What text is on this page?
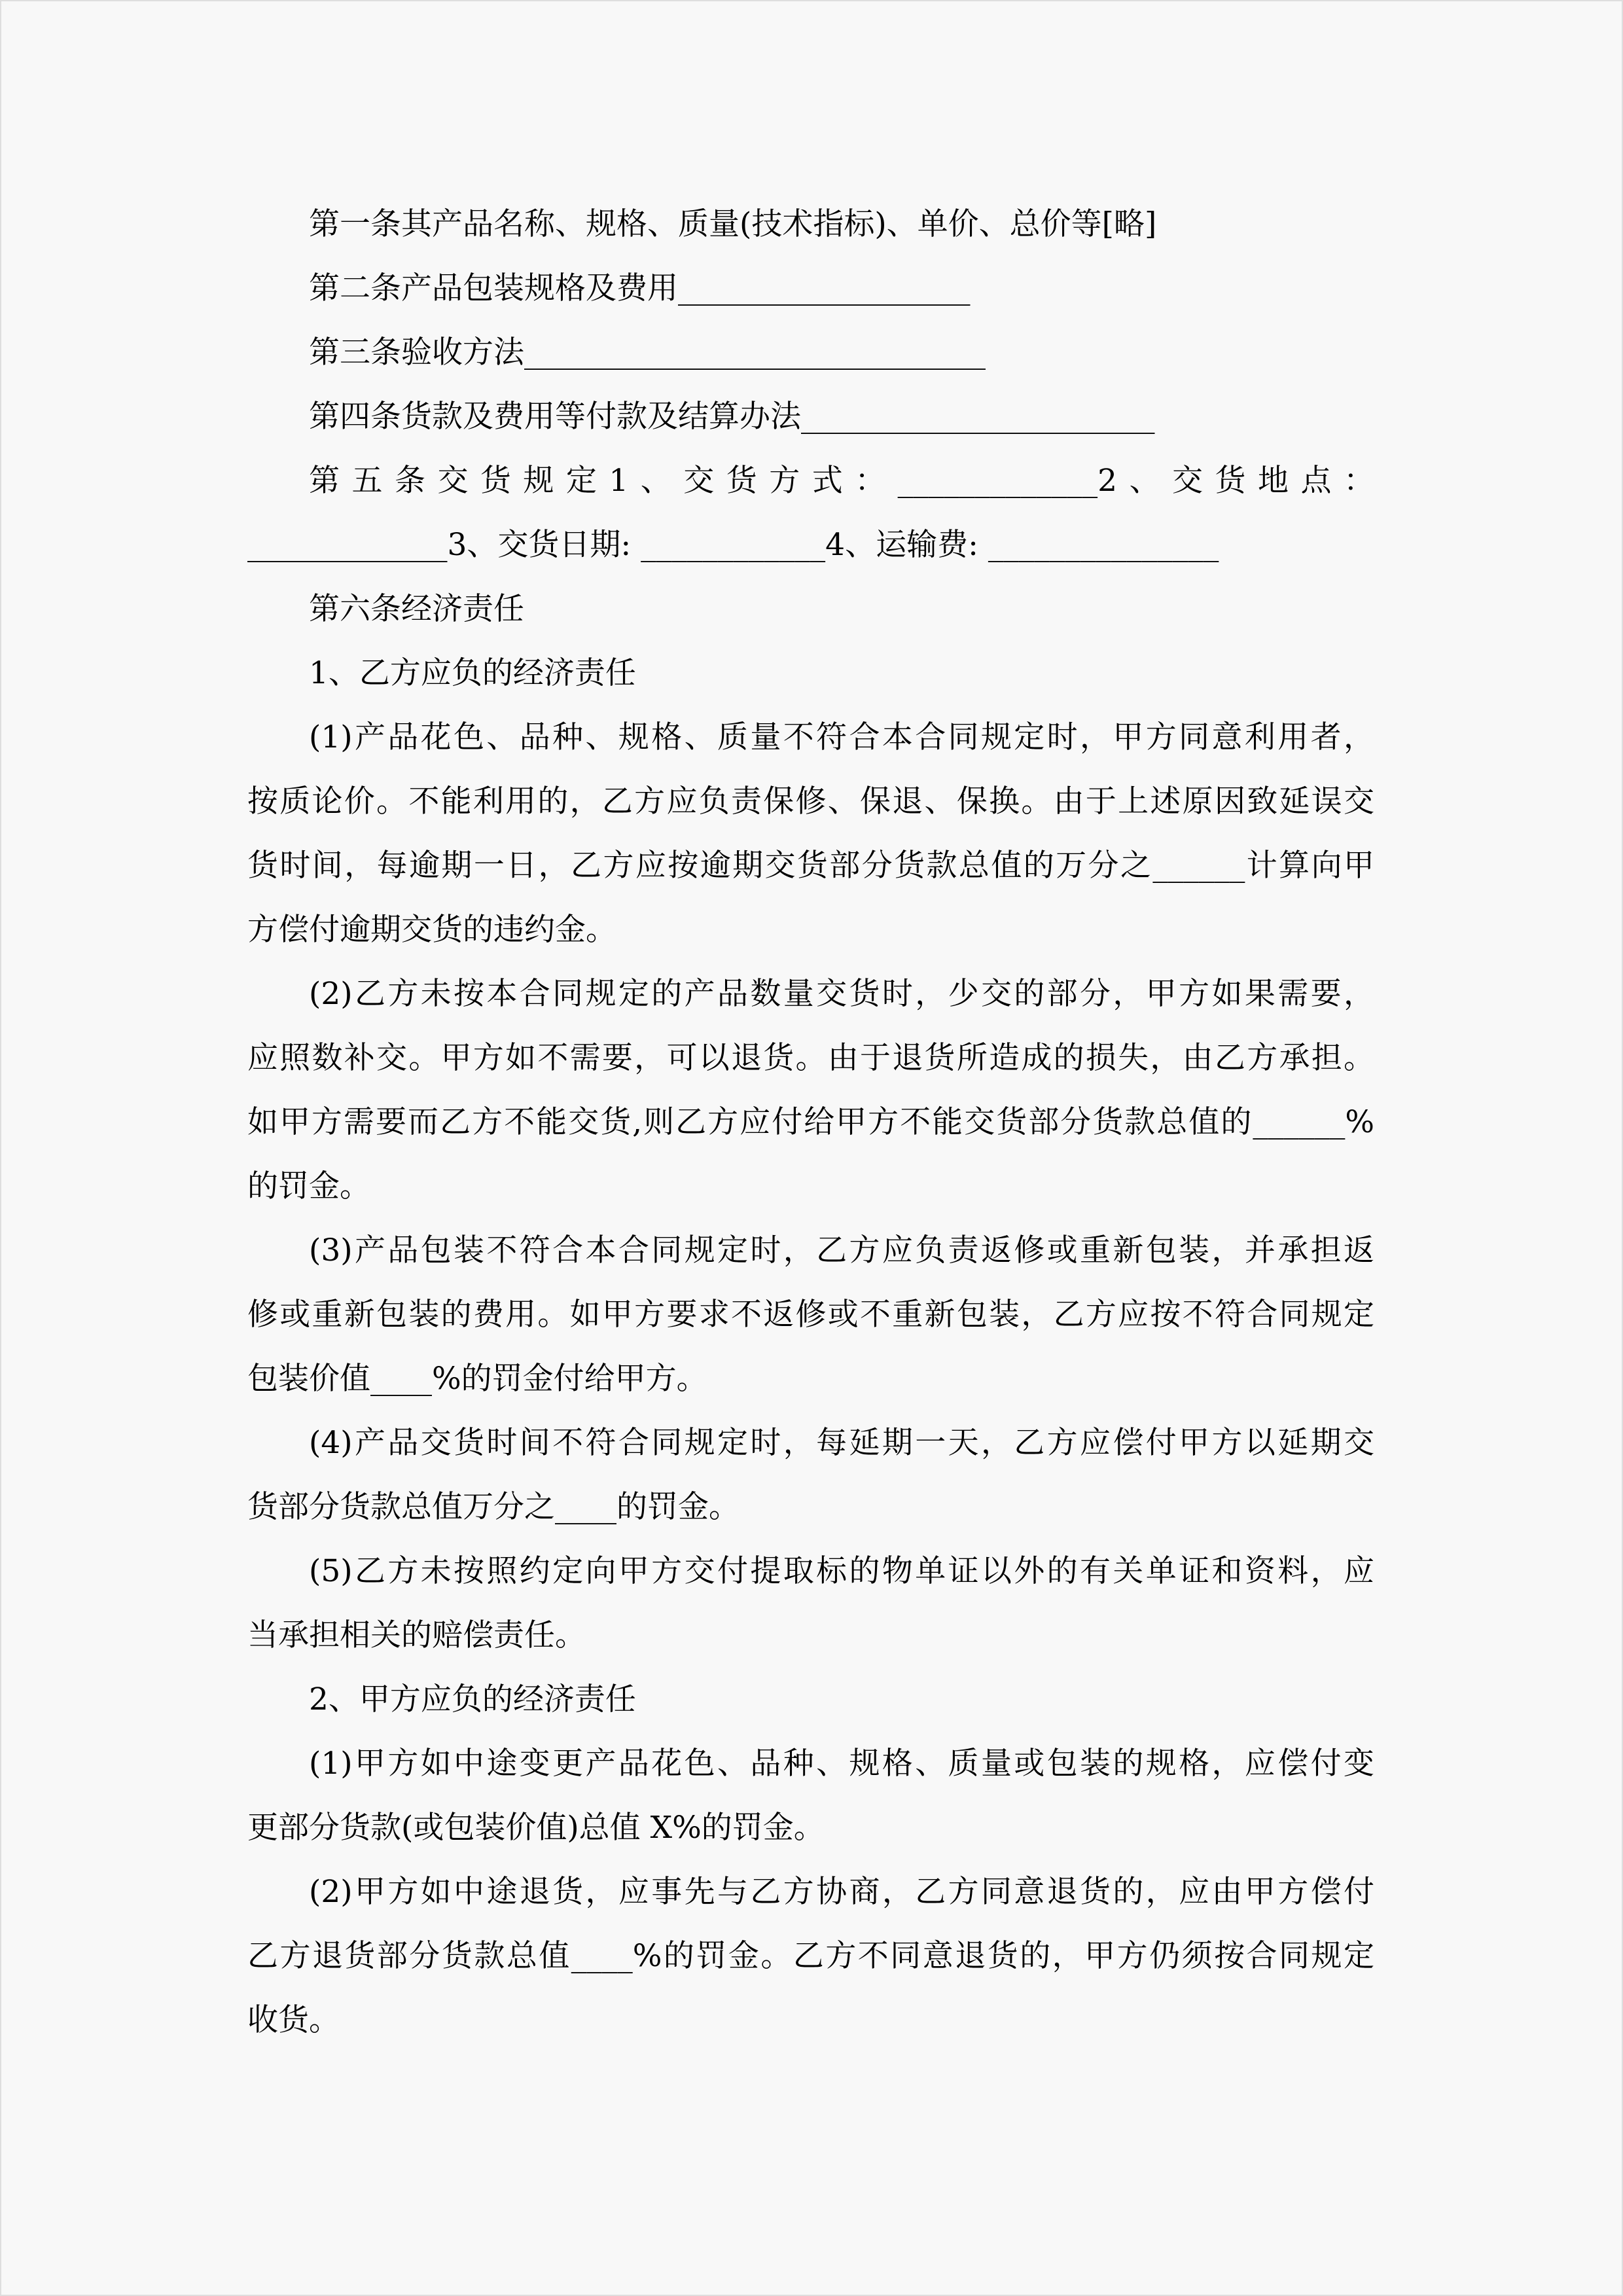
第一条其产品名称、规格、质量(技术指标)、单价、总价等[略]
第二条产品包装规格及费用___________________
第三条验收方法______________________________
第四条货款及费用等付款及结算办法_______________________
第五条交货规定1、交货方式：_____________2、交货地点：
_____________3、交货日期: ____________4、运输费: _______________
第六条经济责任
1、乙方应负的经济责任
(1)产品花色、品种、规格、质量不符合本合同规定时，甲方同意利用者，
按质论价。不能利用的，乙方应负责保修、保退、保换。由于上述原因致延误交
货时间，每逾期一日，乙方应按逾期交货部分货款总值的万分之______计算向甲
方偿付逾期交货的违约金。
(2)乙方未按本合同规定的产品数量交货时，少交的部分，甲方如果需要，
应照数补交。甲方如不需要，可以退货。由于退货所造成的损失，由乙方承担。
如甲方需要而乙方不能交货,则乙方应付给甲方不能交货部分货款总值的______%
的罚金。
(3)产品包装不符合本合同规定时，乙方应负责返修或重新包装，并承担返
修或重新包装的费用。如甲方要求不返修或不重新包装，乙方应按不符合同规定
包装价值____%的罚金付给甲方。
(4)产品交货时间不符合同规定时，每延期一天，乙方应偿付甲方以延期交
货部分货款总值万分之____的罚金。
(5)乙方未按照约定向甲方交付提取标的物单证以外的有关单证和资料，应
当承担相关的赔偿责任。
2、甲方应负的经济责任
(1)甲方如中途变更产品花色、品种、规格、质量或包装的规格，应偿付变
更部分货款(或包装价值)总值 X%的罚金。
(2)甲方如中途退货，应事先与乙方协商，乙方同意退货的，应由甲方偿付
乙方退货部分货款总值____%的罚金。乙方不同意退货的，甲方仍须按合同规定
收货。
